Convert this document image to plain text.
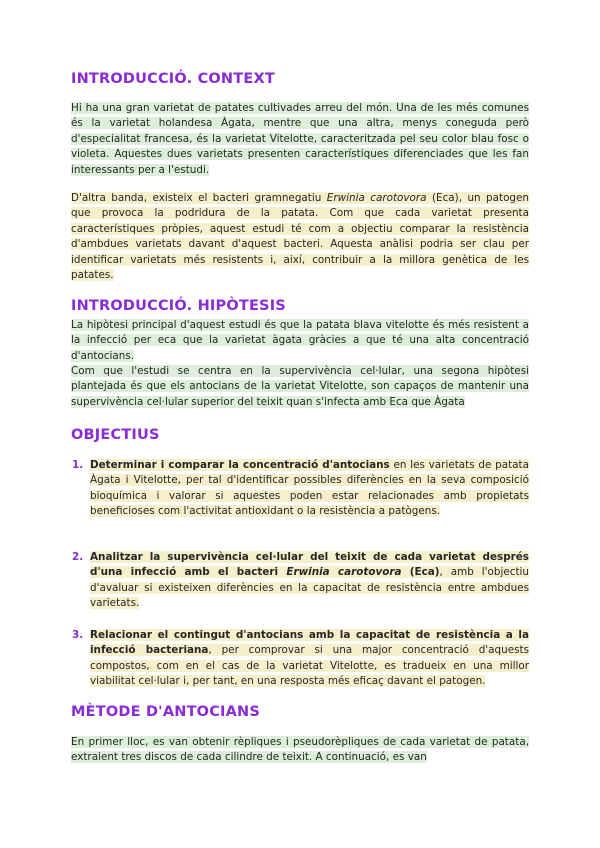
INTRODUCCIÓ. CONTEXT

Hi ha una gran varietat de patates cultivades arreu del món. Una de les més comunes és la varietat holandesa Àgata, mentre que una altra, menys coneguda però d'especialitat francesa, és la varietat Vitelotte, caracteritzada pel seu color blau fosc o violeta. Aquestes dues varietats presenten característiques diferenciades que les fan interessants per a l'estudi.

D'altra banda, existeix el bacteri gramnegatiu Erwinia carotovora (Eca), un patogen que provoca la podridura de la patata. Com que cada varietat presenta característiques pròpies, aquest estudi té com a objectiu comparar la resistència d'ambdues varietats davant d'aquest bacteri. Aquesta anàlisi podria ser clau per identificar varietats més resistents i, així, contribuir a la millora genètica de les patates.

INTRODUCCIÓ. HIPÒTESIS

La hipòtesi principal d'aquest estudi és que la patata blava vitelotte és més resistent a la infecció per eca que la varietat àgata gràcies a que té una alta concentració d'antocians.

Com que l'estudi se centra en la supervivència cel·lular, una segona hipòtesi plantejada és que els antocians de la varietat Vitelotte, son capaços de mantenir una supervivència cel·lular superior del teixit quan s'infecta amb Eca que Àgata

OBJECTIUS
1. Determinar i comparar la concentració d'antocians en les varietats de patata Àgata i Vitelotte, per tal d'identificar possibles diferències en la seva composició bioquímica i valorar si aquestes poden estar relacionades amb propietats beneficioses com l'activitat antioxidant o la resistència a patògens.
2. Analitzar la supervivència cel·lular del teixit de cada varietat després d'una infecció amb el bacteri Erwinia carotovora (Eca), amb l'objectiu d'avaluar si existeixen diferències en la capacitat de resistència entre ambdues varietats.
3. Relacionar el contingut d'antocians amb la capacitat de resistència a la infecció bacteriana, per comprovar si una major concentració d'aquests compostos, com en el cas de la varietat Vitelotte, es tradueix en una millor viabilitat cel·lular i, per tant, en una resposta més eficaç davant el patogen.
MÈTODE D'ANTOCIANS

En primer lloc, es van obtenir rèpliques i pseudorèpliques de cada varietat de patata, extraient tres discos de cada cilindre de teixit. A continuació, es van
